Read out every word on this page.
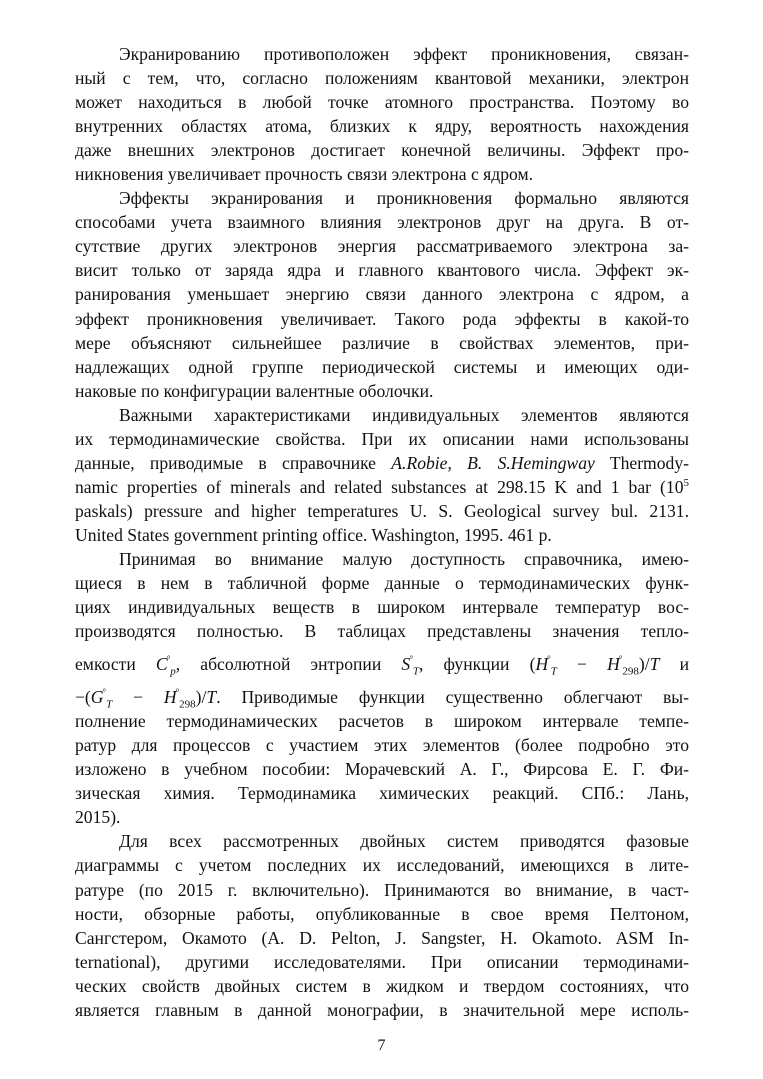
Экранированию противоположен эффект проникновения, связан-
ный с тем, что, согласно положениям квантовой механики, электрон
может находиться в любой точке атомного пространства. Поэтому во
внутренних областях атома, близких к ядру, вероятность нахождения
даже внешних электронов достигает конечной величины. Эффект про-
никновения увеличивает прочность связи электрона с ядром.
Эффекты экранирования и проникновения формально являются
способами учета взаимного влияния электронов друг на друга. В от-
сутствие других электронов энергия рассматриваемого электрона за-
висит только от заряда ядра и главного квантового числа. Эффект эк-
ранирования уменьшает энергию связи данного электрона с ядром, а
эффект проникновения увеличивает. Такого рода эффекты в какой-то
мере объясняют сильнейшее различие в свойствах элементов, при-
надлежащих одной группе периодической системы и имеющих оди-
наковые по конфигурации валентные оболочки.
Важными характеристиками индивидуальных элементов являются
их термодинамические свойства. При их описании нами использованы
данные, приводимые в справочнике A.Robie, B. S.Hemingway Thermody-
namic properties of minerals and related substances at 298.15 K and 1 bar ($10^5$
paskals) pressure and higher temperatures U. S. Geological survey bul. 2131.
United States government printing office. Washington, 1995. 461 p.
Принимая во внимание малую доступность справочника, имею-
щиеся в нем в табличной форме данные о термодинамических функ-
циях индивидуальных веществ в широком интервале температур вос-
производятся полностью. В таблицах представлены значения тепло-
емкости $C^\circ_p$, абсолютной энтропии $S^\circ_T$, функции $(H^\circ_T - H^\circ_{298})/T$ и
$-(G^\circ_T - H^\circ_{298})/T$. Приводимые функции существенно облегчают вы-
полнение термодинамических расчетов в широком интервале темпе-
ратур для процессов с участием этих элементов (более подробно это
изложено в учебном пособии: Морачевский А. Г., Фирсова Е. Г. Фи-
зическая химия. Термодинамика химических реакций. СПб.: Лань,
2015).
Для всех рассмотренных двойных систем приводятся фазовые
диаграммы с учетом последних их исследований, имеющихся в лите-
ратуре (по 2015 г. включительно). Принимаются во внимание, в част-
ности, обзорные работы, опубликованные в свое время Пелтоном,
Сангстером, Окамото (A. D. Pelton, J. Sangster, H. Okamoto. ASM In-
ternational), другими исследователями. При описании термодинами-
ческих свойств двойных систем в жидком и твердом состояниях, что
является главным в данной монографии, в значительной мере исполь-
7
